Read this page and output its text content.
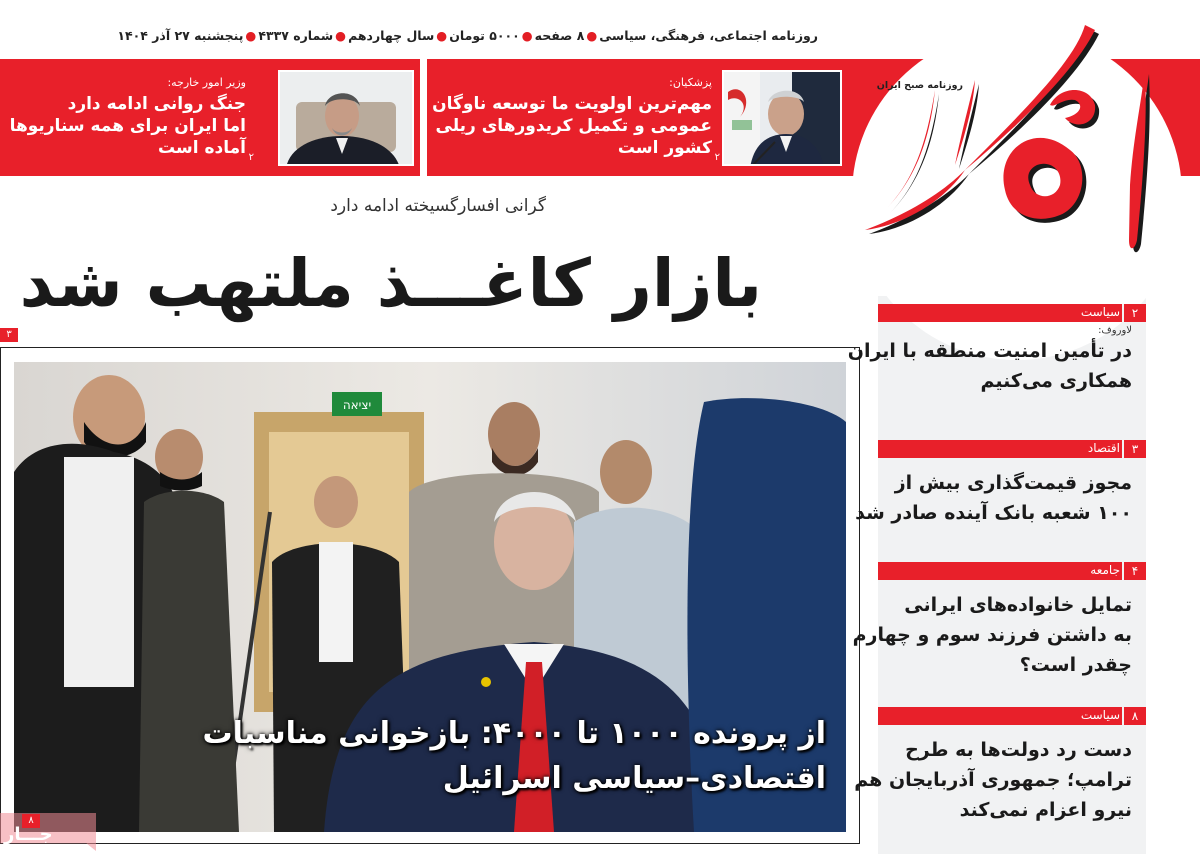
روزنامه اجتماعی، فرهنگی، سیاسی●۸ صفحه●۵۰۰۰ تومان●سال چهاردهم●شماره ۴۳۳۷●پنجشنبه ۲۷ آذر ۱۴۰۴
روزنامه صبح ایران
پزشکیان:
مهم‌ترین اولویت ما توسعه ناوگان
عمومی و تکمیل کریدورهای ریلی
کشور است ۲
وزیر امور خارجه:
جنگ روانی ادامه دارد
اما ایران برای همه سناریوها
آماده است ۲
گرانی افسارگسیخته ادامه دارد
بازار کاغـــذ ملتهب شد
۳
יציאה
از پرونده ۱۰۰۰ تا ۴۰۰۰: بازخوانی مناسبات
اقتصادی–سیاسی اسرائیل
سیاست ۲
لاوروف:
در تأمین امنیت منطقه با ایران
همکاری می‌کنیم
اقتصاد ۳
مجوز قیمت‌گذاری بیش از
۱۰۰ شعبه بانک آینده صادر شد
جامعه ۴
تمایل خانواده‌های ایرانی
به داشتن فرزند سوم و چهارم
چقدر است؟
سیاست ۸
دست رد دولت‌ها به طرح
ترامپ؛ جمهوری آذربایجان هم
نیرو اعزام نمی‌کند
۸
جـــار
